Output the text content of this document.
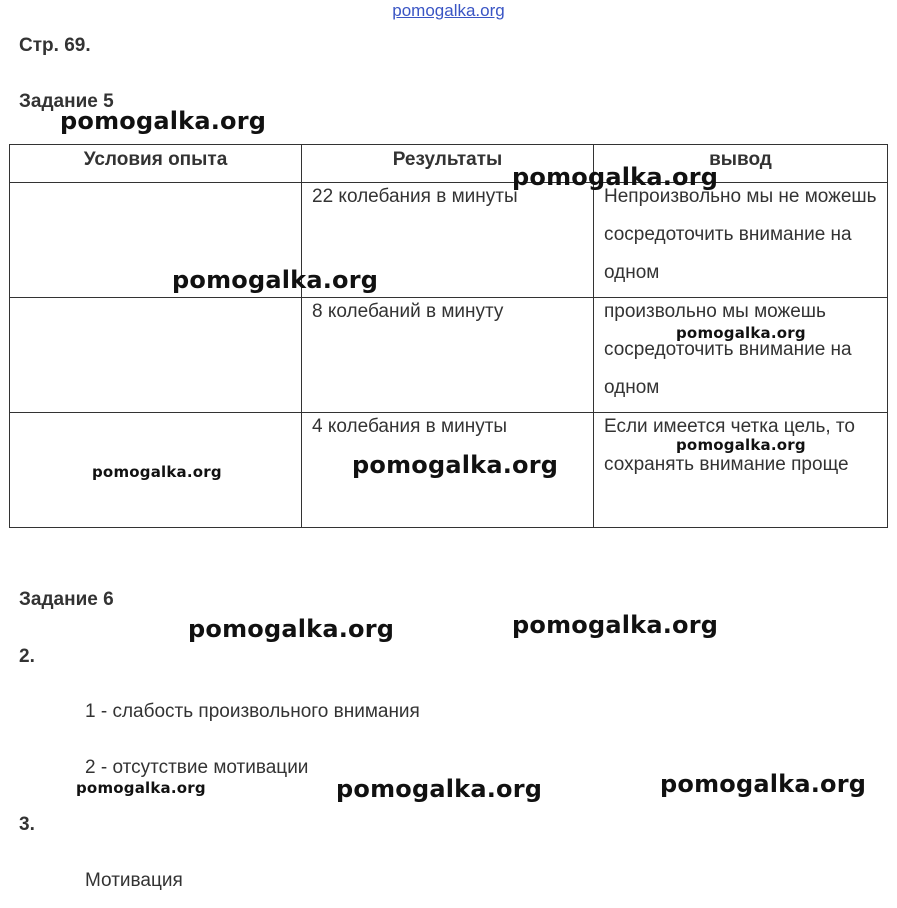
pomogalka.org
Стр. 69.
Задание 5
Условия опыта	Результаты	вывод

	22 колебания в минуты	Непроизвольно мы не можешь сосредоточить внимание на одном

	8 колебаний в минуту	произвольно мы можешь сосредоточить внимание на одном

	4 колебания в минуты	Если имеется четка цель, то сохранять внимание проще
Задание 6
2.
1 - слабость произвольного внимания
2 - отсутствие мотивации
3.
Мотивация
pomogalka.org
pomogalka.org
pomogalka.org
pomogalka.org
pomogalka.org
pomogalka.org
pomogalka.org
pomogalka.org	pomogalka.org
pomogalka.org	pomogalka.org	pomogalka.org
